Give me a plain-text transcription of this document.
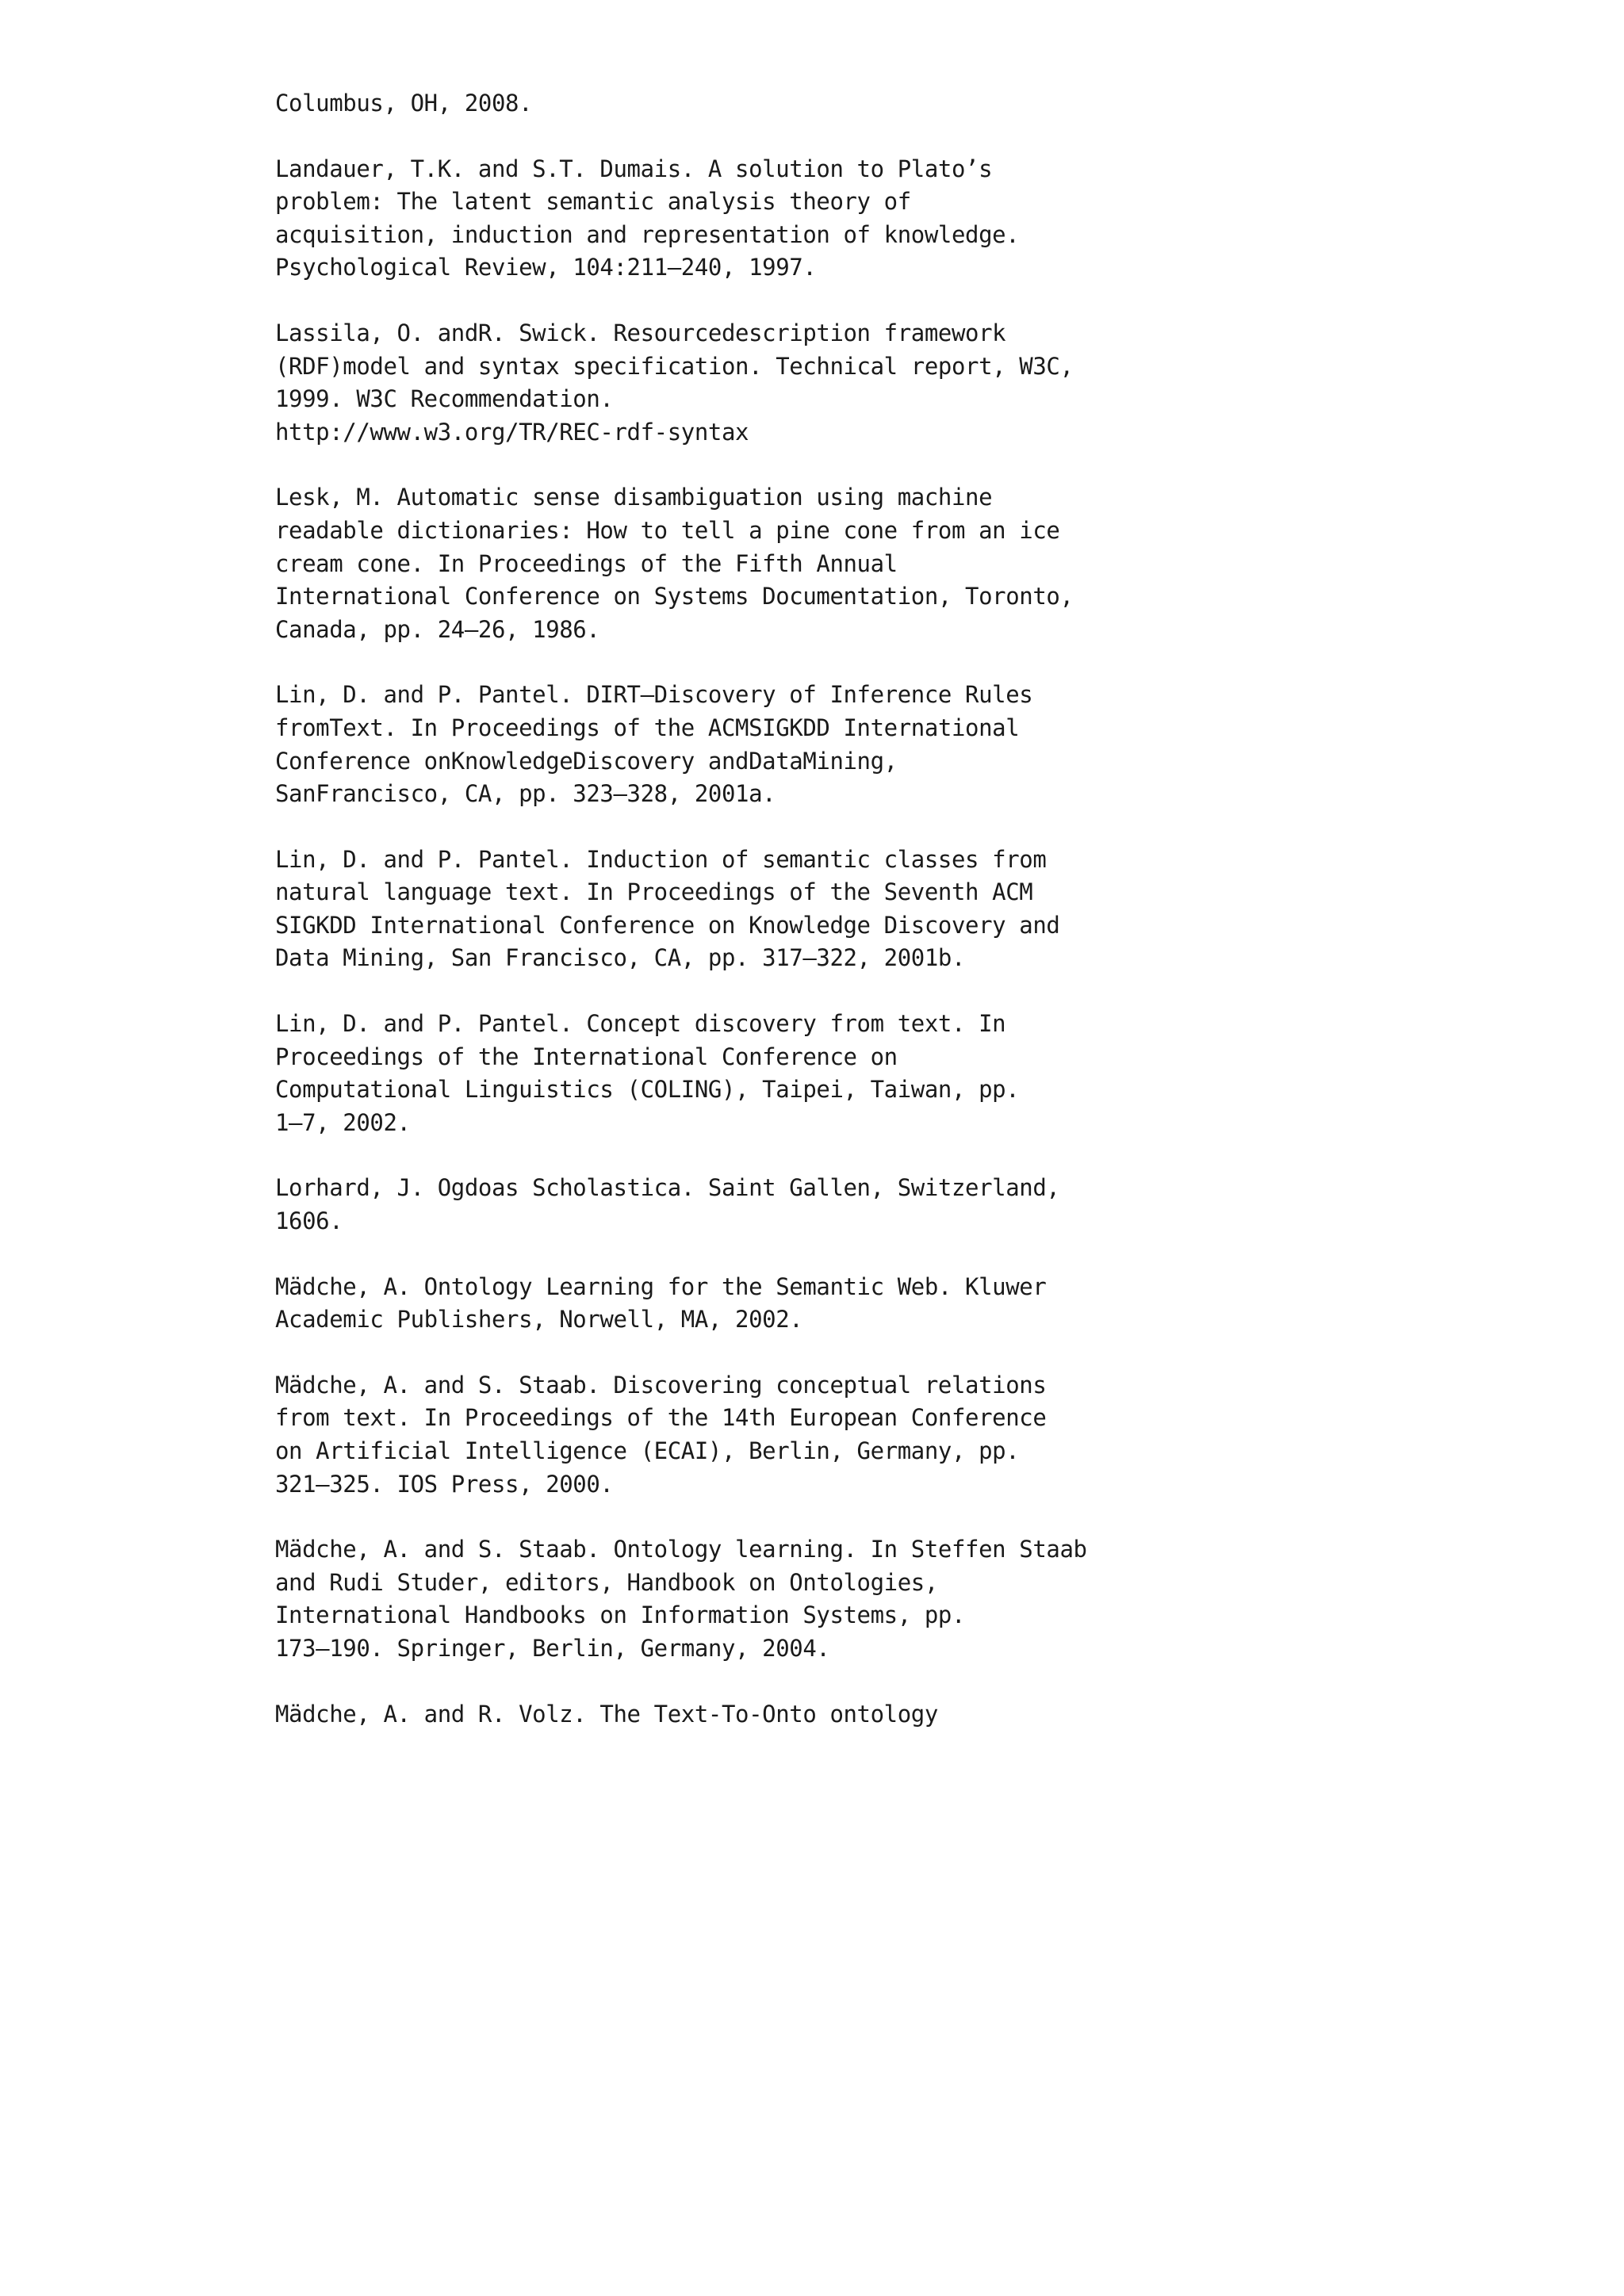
Columbus, OH, 2008.
Landauer, T.K. and S.T. Dumais. A solution to Plato’s
problem: The latent semantic analysis theory of
acquisition, induction and representation of knowledge.
Psychological Review, 104:211–240, 1997.
Lassila, O. andR. Swick. Resourcedescription framework
(RDF)model and syntax specification. Technical report, W3C,
1999. W3C Recommendation.
http://www.w3.org/TR/REC-rdf-syntax
Lesk, M. Automatic sense disambiguation using machine
readable dictionaries: How to tell a pine cone from an ice
cream cone. In Proceedings of the Fifth Annual
International Conference on Systems Documentation, Toronto,
Canada, pp. 24–26, 1986.
Lin, D. and P. Pantel. DIRT—Discovery of Inference Rules
fromText. In Proceedings of the ACMSIGKDD International
Conference onKnowledgeDiscovery andDataMining,
SanFrancisco, CA, pp. 323–328, 2001a.
Lin, D. and P. Pantel. Induction of semantic classes from
natural language text. In Proceedings of the Seventh ACM
SIGKDD International Conference on Knowledge Discovery and
Data Mining, San Francisco, CA, pp. 317–322, 2001b.
Lin, D. and P. Pantel. Concept discovery from text. In
Proceedings of the International Conference on
Computational Linguistics (COLING), Taipei, Taiwan, pp.
1–7, 2002.
Lorhard, J. Ogdoas Scholastica. Saint Gallen, Switzerland,
1606.
Mädche, A. Ontology Learning for the Semantic Web. Kluwer
Academic Publishers, Norwell, MA, 2002.
Mädche, A. and S. Staab. Discovering conceptual relations
from text. In Proceedings of the 14th European Conference
on Artificial Intelligence (ECAI), Berlin, Germany, pp.
321–325. IOS Press, 2000.
Mädche, A. and S. Staab. Ontology learning. In Steffen Staab
and Rudi Studer, editors, Handbook on Ontologies,
International Handbooks on Information Systems, pp.
173–190. Springer, Berlin, Germany, 2004.
Mädche, A. and R. Volz. The Text-To-Onto ontology
